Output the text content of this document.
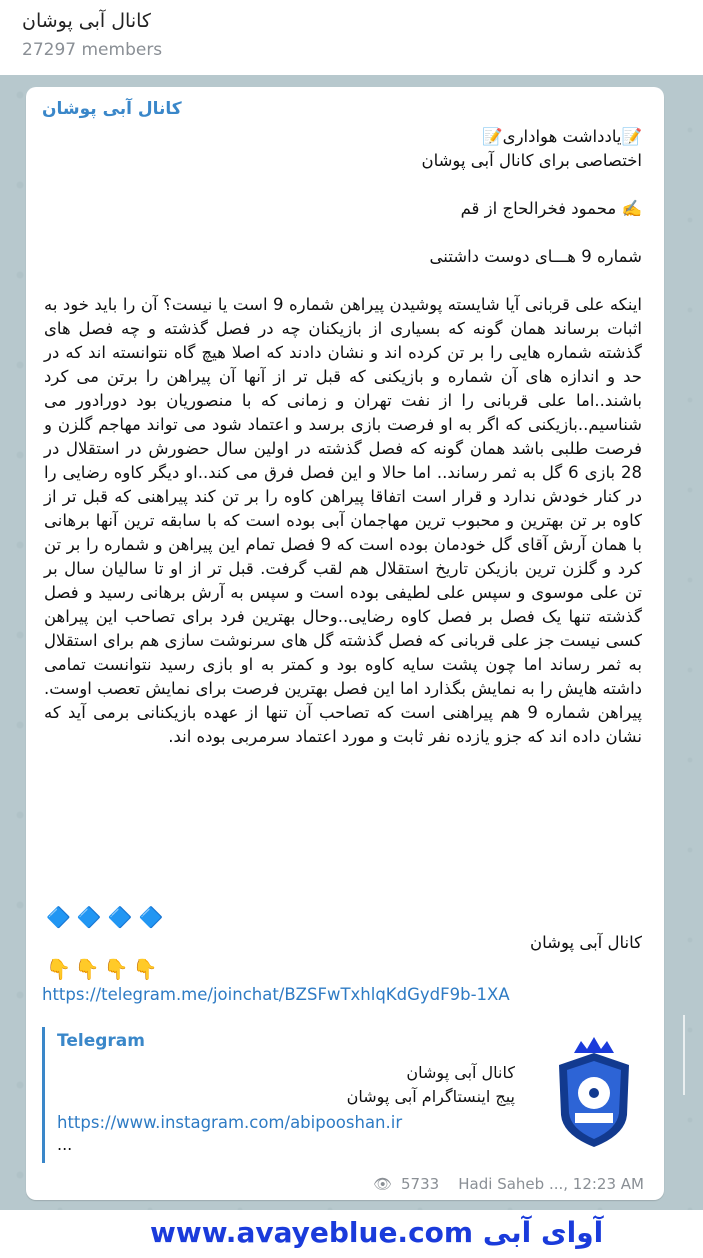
کانال آبی پوشان
27297 members
کانال آبی پوشان

📝یادداشت هواداری📝

اختصاصی برای کانال آبی پوشان

✍️ محمود فخرالحاج از قم

شماره 9 هـــای دوست داشتنی

اینکه علی قربانی آیا شایسته پوشیدن پیراهن شماره 9 است یا نیست؟ آن را باید خود به اثبات برساند همان گونه که بسیاری از بازیکنان چه در فصل گذشته و چه فصل های گذشته شماره هایی را بر تن کرده اند و نشان دادند که اصلا هیچ گاه نتوانسته اند که در حد و اندازه های آن شماره و بازیکنی که قبل تر از آنها آن پیراهن را برتن می کرد باشند..اما علی قربانی را از نفت تهران و زمانی که با منصوریان بود دورادور می شناسیم..بازیکنی که اگر به او فرصت بازی برسد و اعتماد شود می تواند مهاجم گلزن و فرصت طلبی باشد همان گونه که فصل گذشته در اولین سال حضورش در استقلال در 28 بازی 6 گل به ثمر رساند.. اما حالا و این فصل فرق می کند..او دیگر کاوه رضایی را در کنار خودش ندارد و قرار است اتفاقا پیراهن کاوه را بر تن کند پیراهنی که قبل تر از کاوه بر تن بهترین و محبوب ترین مهاجمان آبی بوده است که با سابقه ترین آنها برهانی با همان آرش آقای گل خودمان بوده است که 9 فصل تمام این پیراهن و شماره را بر تن کرد و گلزن ترین بازیکن تاریخ استقلال هم لقب گرفت. قبل تر از او تا سالیان سال بر تن علی موسوی و سپس علی لطیفی بوده است و سپس به آرش برهانی رسید و فصل گذشته تنها یک فصل بر فصل کاوه رضایی..وحال بهترین فرد برای تصاحب این پیراهن کسی نیست جز علی قربانی که فصل گذشته گل های سرنوشت سازی هم برای استقلال به ثمر رساند اما چون پشت سایه کاوه بود و کمتر به او بازی رسید نتوانست تمامی داشته هایش را به نمایش بگذارد اما این فصل بهترین فرصت برای نمایش تعصب اوست. پیراهن شماره 9 هم پیراهنی است که تصاحب آن تنها از عهده بازیکنانی برمی آید که نشان داده اند که جزو یازده نفر ثابت و مورد اعتماد سرمربی بوده اند.

🔷🔷🔷🔷
کانال آبی پوشان
👇👇👇👇
https://telegram.me/joinchat/BZSFwTxhlqKdGydF9b-1XA
Telegram
کانال آبی پوشان
پیج اینستاگرام آبی پوشان
https://www.instagram.com/abipooshan.ir
...
👁 5733 Hadi Saheb ..., 12:23 AM
www.avayeblue.com آوای آبی
